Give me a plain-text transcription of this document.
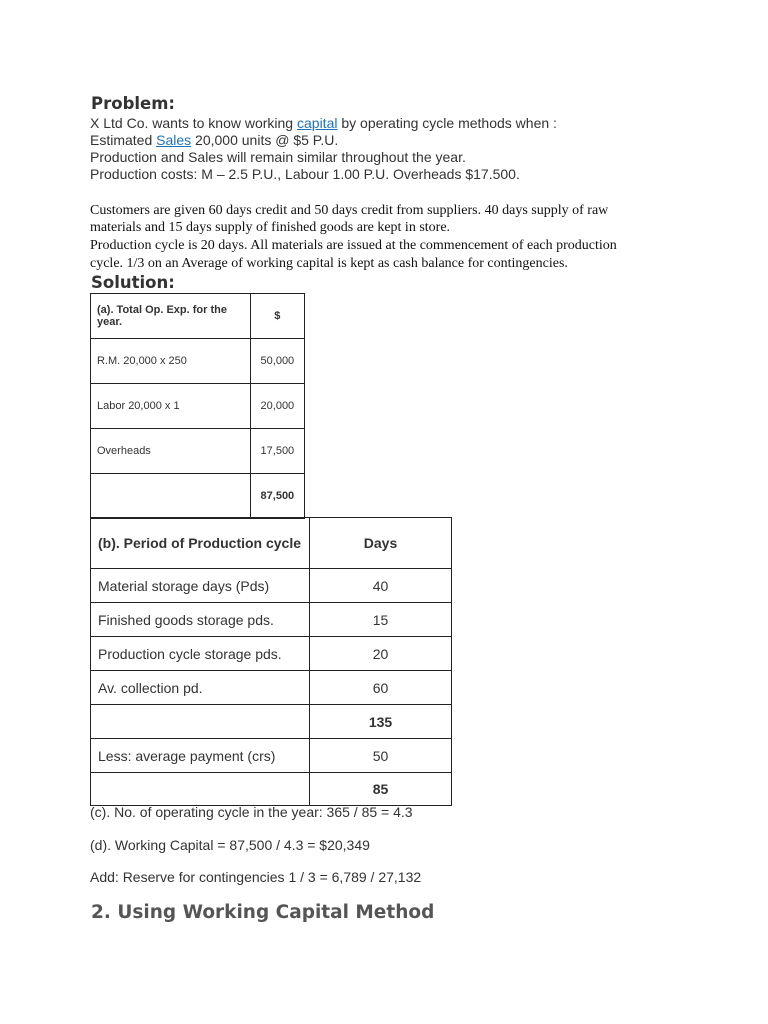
Problem:
X Ltd Co. wants to know working capital by operating cycle methods when :
Estimated Sales 20,000 units @ $5 P.U.
Production and Sales will remain similar throughout the year.
Production costs: M – 2.5 P.U., Labour 1.00 P.U. Overheads $17.500.
Customers are given 60 days credit and 50 days credit from suppliers. 40 days supply of raw
materials and 15 days supply of finished goods are kept in store.
Production cycle is 20 days. All materials are issued at the commencement of each production
cycle. 1/3 on an Average of working capital is kept as cash balance for contingencies.
Solution:
(a). Total Op. Exp. for the year.	$
R.M. 20,000 x 250	50,000
Labor 20,000 x 1	20,000
Overheads	17,500
	87,500
(b). Period of Production cycle	Days
Material storage days (Pds)	40
Finished goods storage pds.	15
Production cycle storage pds.	20
Av. collection pd.	60
	135
Less: average payment (crs)	50
	85
(c). No. of operating cycle in the year: 365 / 85 = 4.3
(d). Working Capital = 87,500 / 4.3 = $20,349
Add: Reserve for contingencies 1 / 3 = 6,789 / 27,132
2. Using Working Capital Method
